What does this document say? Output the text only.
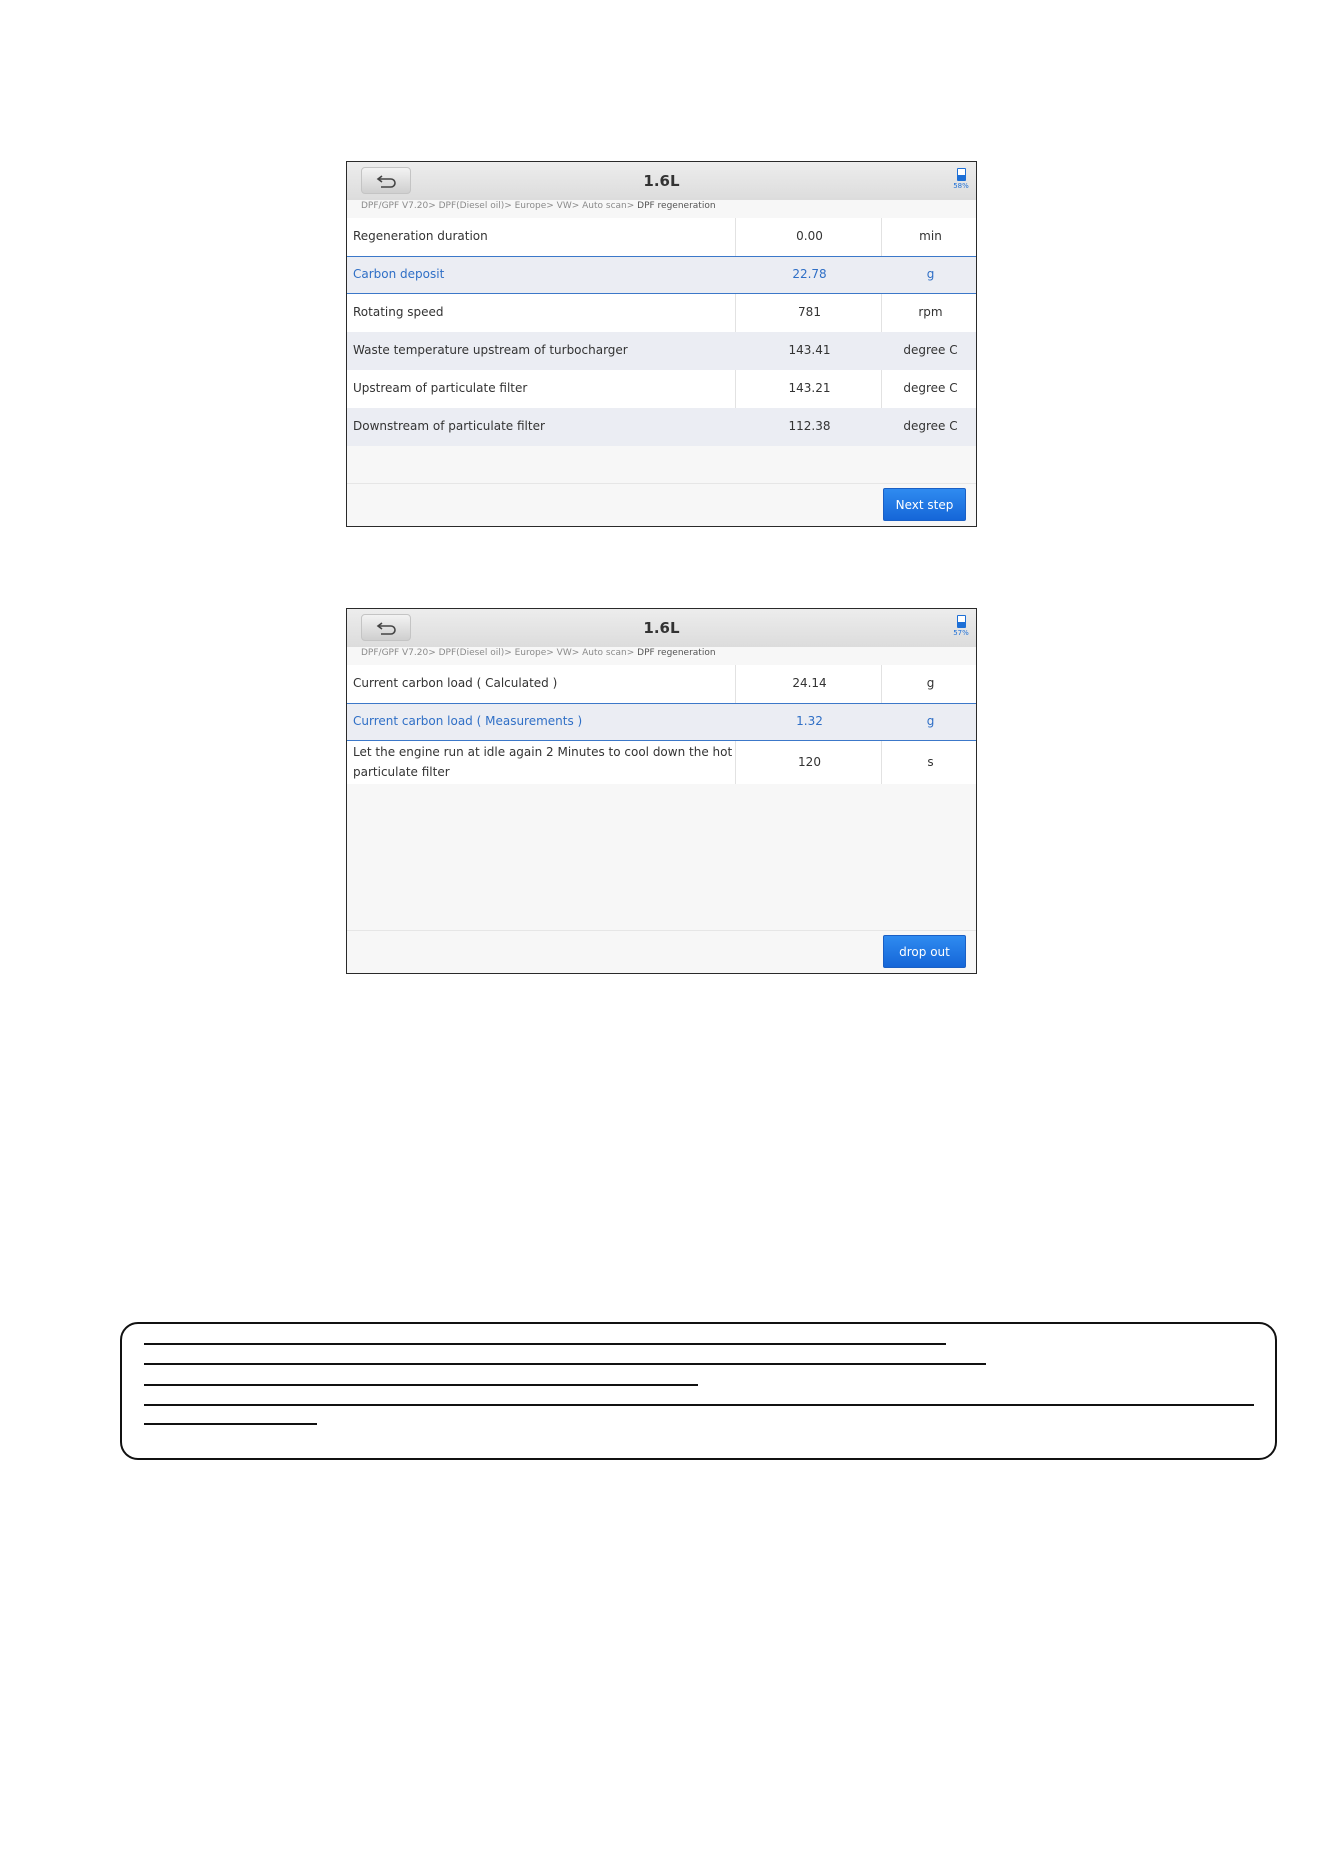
1.6L	58%
DPF/GPF V7.20> DPF(Diesel oil)> Europe> VW> Auto scan> DPF regeneration
Regeneration duration	0.00	min
Carbon deposit	22.78	g
Rotating speed	781	rpm
Waste temperature upstream of turbocharger	143.41	degree C
Upstream of particulate filter	143.21	degree C
Downstream of particulate filter	112.38	degree C
Next step
1.6L	57%
DPF/GPF V7.20> DPF(Diesel oil)> Europe> VW> Auto scan> DPF regeneration
Current carbon load ( Calculated )	24.14	g
Current carbon load ( Measurements )	1.32	g
Let the engine run at idle again 2 Minutes to cool down the hot
particulate filter
120	s
drop out
